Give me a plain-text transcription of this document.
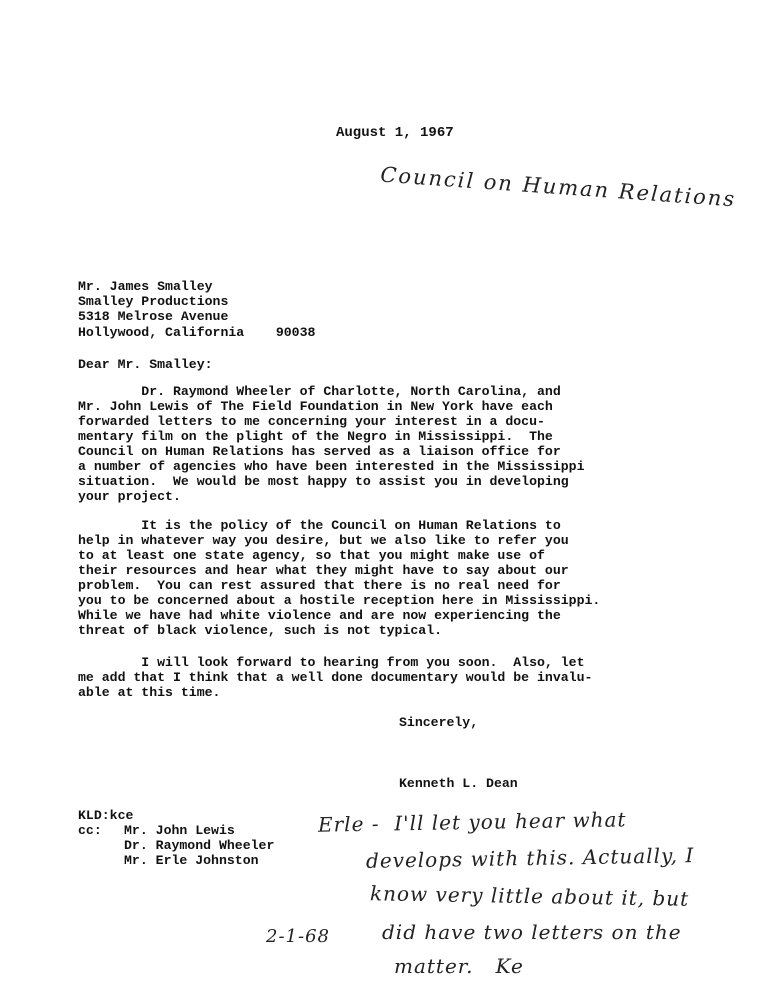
August 1, 1967
Council on Human Relations
Mr. James Smalley
Smalley Productions
5318 Melrose Avenue
Hollywood, California    90038
Dear Mr. Smalley:
Dr. Raymond Wheeler of Charlotte, North Carolina, and
Mr. John Lewis of The Field Foundation in New York have each
forwarded letters to me concerning your interest in a docu-
mentary film on the plight of the Negro in Mississippi.  The
Council on Human Relations has served as a liaison office for
a number of agencies who have been interested in the Mississippi
situation.  We would be most happy to assist you in developing
your project.
It is the policy of the Council on Human Relations to
help in whatever way you desire, but we also like to refer you
to at least one state agency, so that you might make use of
their resources and hear what they might have to say about our
problem.  You can rest assured that there is no real need for
you to be concerned about a hostile reception here in Mississippi.
While we have had white violence and are now experiencing the
threat of black violence, such is not typical.
I will look forward to hearing from you soon.  Also, let
me add that I think that a well done documentary would be invalu-
able at this time.
Sincerely,
Kenneth L. Dean
KLD:kce
cc: Mr. John Lewis
Dr. Raymond Wheeler
Mr. Erle Johnston
Erle -  I'll let you hear what
develops with this. Actually, I
know very little about it, but
did have two letters on the
matter.   Ke
2-1-68
